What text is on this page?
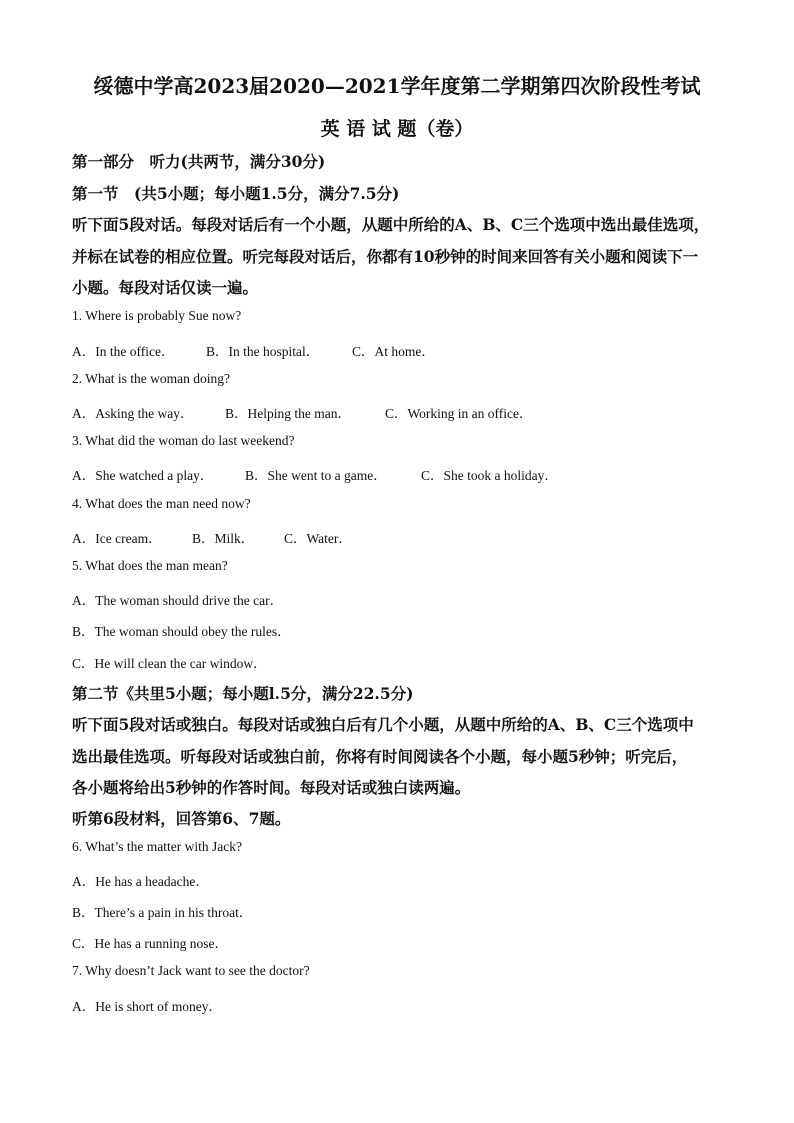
绥德中学高2023届2020—2021学年度第二学期第四次阶段性考试
英 语 试 题（卷）
第一部分　听力(共两节，满分30分)
第一节　(共5小题；每小题1.5分，满分7.5分)
听下面5段对话。每段对话后有一个小题，从题中所给的A、B、C三个选项中选出最佳选项，
并标在试卷的相应位置。听完每段对话后，你都有10秒钟的时间来回答有关小题和阅读下一
小题。每段对话仅读一遍。
1. Where is probably Sue now?
A．In the office． B．In the hospital． C．At home．
2. What is the woman doing?
A．Asking the way． B．Helping the man．	C．Working in an office．
3. What did the woman do last weekend?
A．She watched a play． B．She went to a game．	C．She took a holiday．
4. What does the man need now?
A．Ice cream． B．Milk． C．Water．
5. What does the man mean?
A．The woman should drive the car．
B．The woman should obey the rules．
C．He will clean the car window．
第二节《共里5小题；每小题l.5分，满分22.5分)
听下面5段对话或独白。每段对话或独白后有几个小题，从题中所给的A、B、C三个选项中
选出最佳选项。听每段对话或独白前，你将有时间阅读各个小题，每小题5秒钟；听完后，
各小题将给出5秒钟的作答时间。每段对话或独白读两遍。
听第6段材料，回答第6、7题。
6. What’s the matter with Jack?
A．He has a headache．
B．There’s a pain in his throat．
C．He has a running nose．
7. Why doesn’t Jack want to see the doctor?
A．He is short of money．
